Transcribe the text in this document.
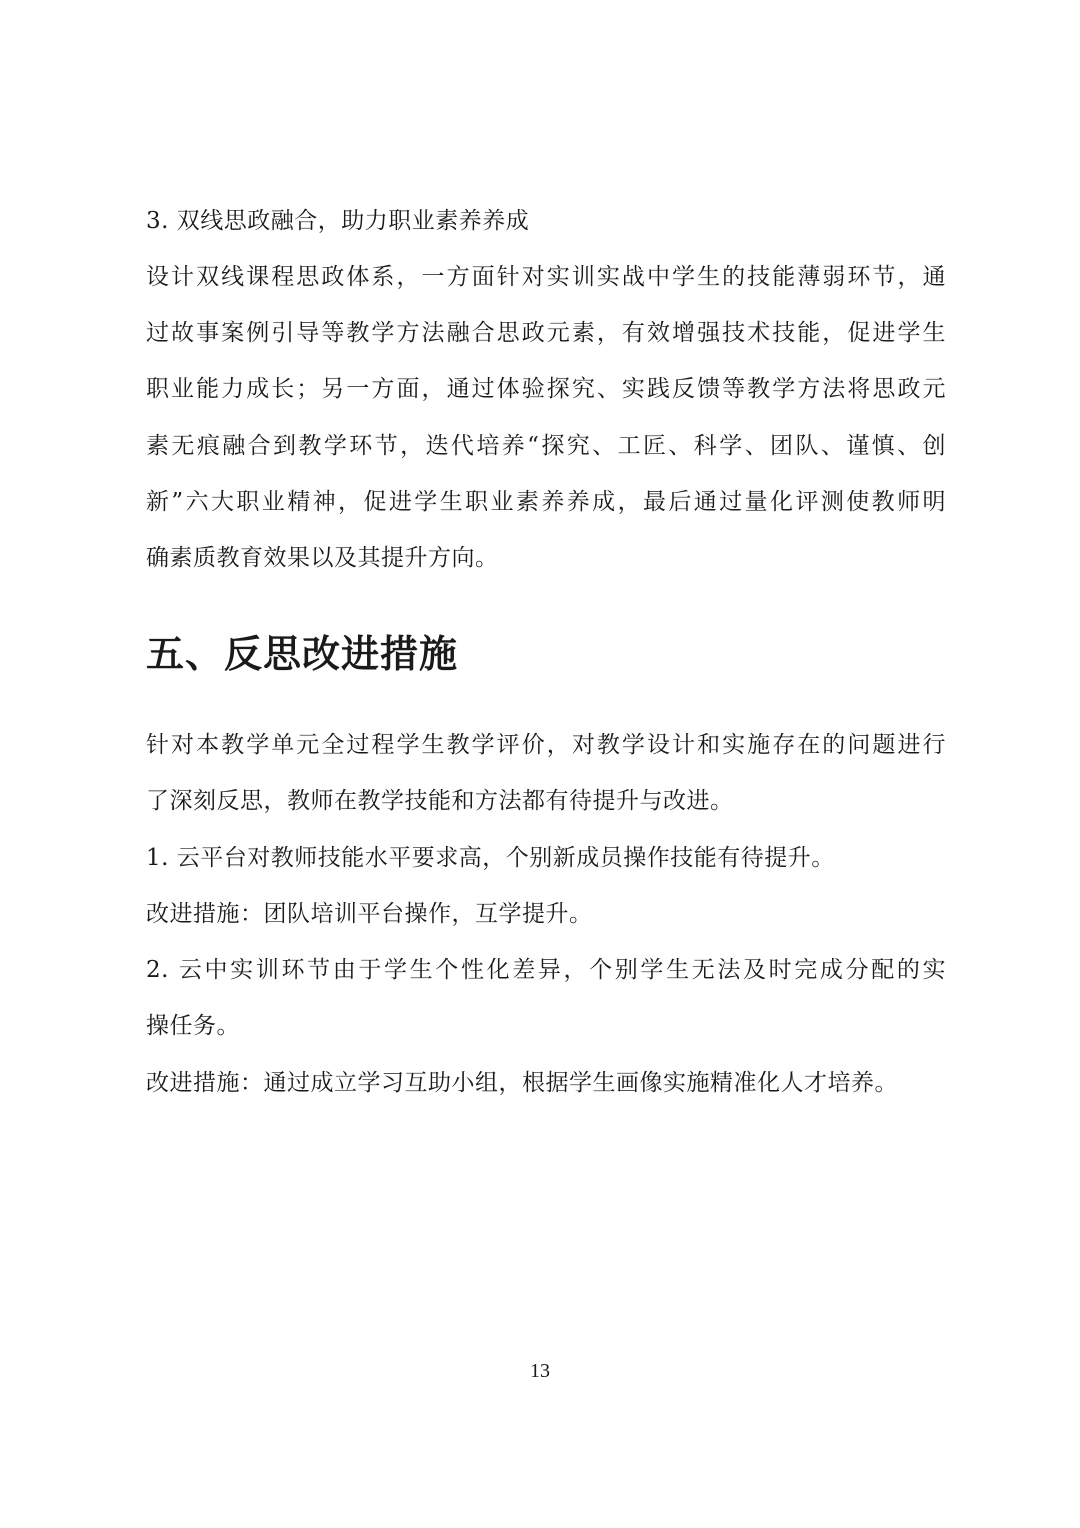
3. 双线思政融合，助力职业素养养成
设计双线课程思政体系，一方面针对实训实战中学生的技能薄弱环节，通
过故事案例引导等教学方法融合思政元素，有效增强技术技能，促进学生
职业能力成长；另一方面，通过体验探究、实践反馈等教学方法将思政元
素无痕融合到教学环节，迭代培养“探究、工匠、科学、团队、谨慎、创
新”六大职业精神，促进学生职业素养养成，最后通过量化评测使教师明
确素质教育效果以及其提升方向。
五、反思改进措施
针对本教学单元全过程学生教学评价，对教学设计和实施存在的问题进行
了深刻反思，教师在教学技能和方法都有待提升与改进。
1. 云平台对教师技能水平要求高，个别新成员操作技能有待提升。
改进措施：团队培训平台操作，互学提升。
2. 云中实训环节由于学生个性化差异，个别学生无法及时完成分配的实
操任务。
改进措施：通过成立学习互助小组，根据学生画像实施精准化人才培养。
13
